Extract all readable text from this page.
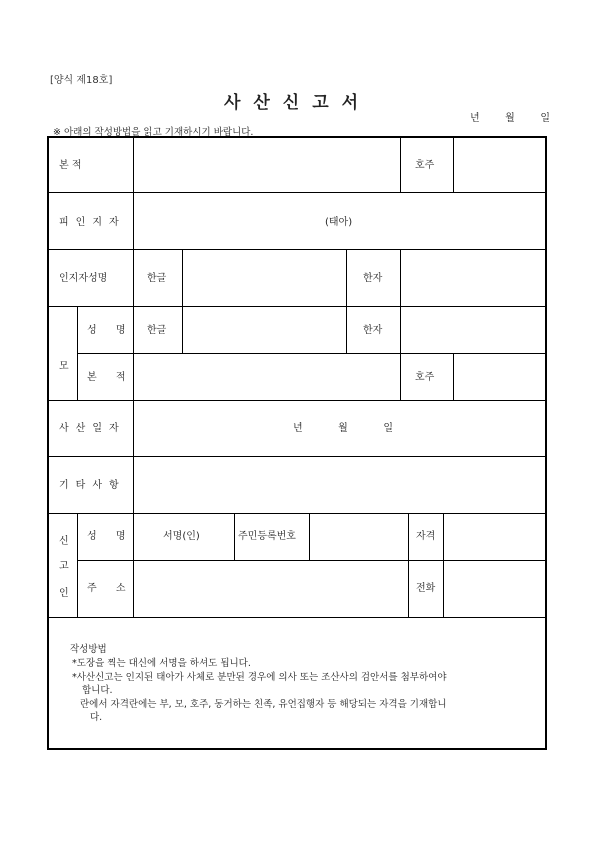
[양식 제18호]
사산신고서
년	월	일
※ 아래의 작성방법을 읽고 기재하시기 바랍니다.
본 적	호주
피인지자	(태아)
인지자성명	한글	한자
모
성 명 한글	한자
본 적	호주
사산일자	년	월	일
기타사항
신
고
인
성 명	서명(인)	주민등록번호	자격
주 소	전화
작성방법
*도장을 찍는 대신에 서명을 하셔도 됩니다.
*사산신고는 인지된 태아가 사체로 분만된 경우에 의사 또는 조산사의 검안서를 첨부하여야
합니다.
란에서 자격란에는 부, 모, 호주, 동거하는 친족, 유언집행자 등 해당되는 자격을 기재합니
다.
